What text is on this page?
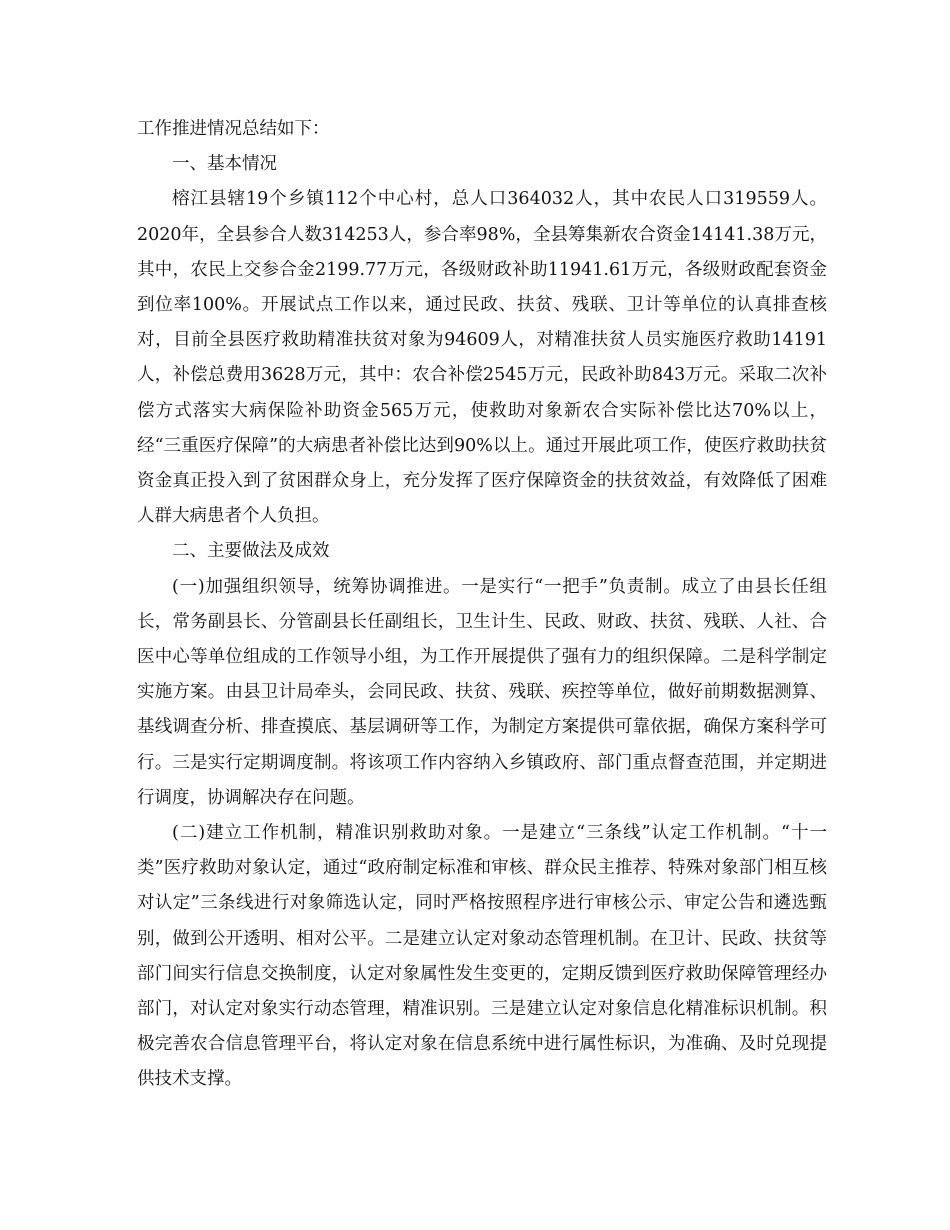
工作推进情况总结如下：

一、基本情况

榕江县辖19个乡镇112个中心村，总人口364032人，其中农民人口319559人。2020年，全县参合人数314253人，参合率98%，全县筹集新农合资金14141.38万元，其中，农民上交参合金2199.77万元，各级财政补助11941.61万元，各级财政配套资金到位率100%。开展试点工作以来，通过民政、扶贫、残联、卫计等单位的认真排查核对，目前全县医疗救助精准扶贫对象为94609人，对精准扶贫人员实施医疗救助14191人，补偿总费用3628万元，其中：农合补偿2545万元，民政补助843万元。采取二次补偿方式落实大病保险补助资金565万元，使救助对象新农合实际补偿比达70%以上，经“三重医疗保障”的大病患者补偿比达到90%以上。通过开展此项工作，使医疗救助扶贫资金真正投入到了贫困群众身上，充分发挥了医疗保障资金的扶贫效益，有效降低了困难人群大病患者个人负担。

二、主要做法及成效

(一)加强组织领导，统筹协调推进。一是实行“一把手”负责制。成立了由县长任组长，常务副县长、分管副县长任副组长，卫生计生、民政、财政、扶贫、残联、人社、合医中心等单位组成的工作领导小组，为工作开展提供了强有力的组织保障。二是科学制定实施方案。由县卫计局牵头，会同民政、扶贫、残联、疾控等单位，做好前期数据测算、基线调查分析、排查摸底、基层调研等工作，为制定方案提供可靠依据，确保方案科学可行。三是实行定期调度制。将该项工作内容纳入乡镇政府、部门重点督查范围，并定期进行调度，协调解决存在问题。

(二)建立工作机制，精准识别救助对象。一是建立“三条线”认定工作机制。“十一类”医疗救助对象认定，通过“政府制定标准和审核、群众民主推荐、特殊对象部门相互核对认定”三条线进行对象筛选认定，同时严格按照程序进行审核公示、审定公告和遴选甄别，做到公开透明、相对公平。二是建立认定对象动态管理机制。在卫计、民政、扶贫等部门间实行信息交换制度，认定对象属性发生变更的，定期反馈到医疗救助保障管理经办部门，对认定对象实行动态管理，精准识别。三是建立认定对象信息化精准标识机制。积极完善农合信息管理平台，将认定对象在信息系统中进行属性标识，为准确、及时兑现提供技术支撑。
